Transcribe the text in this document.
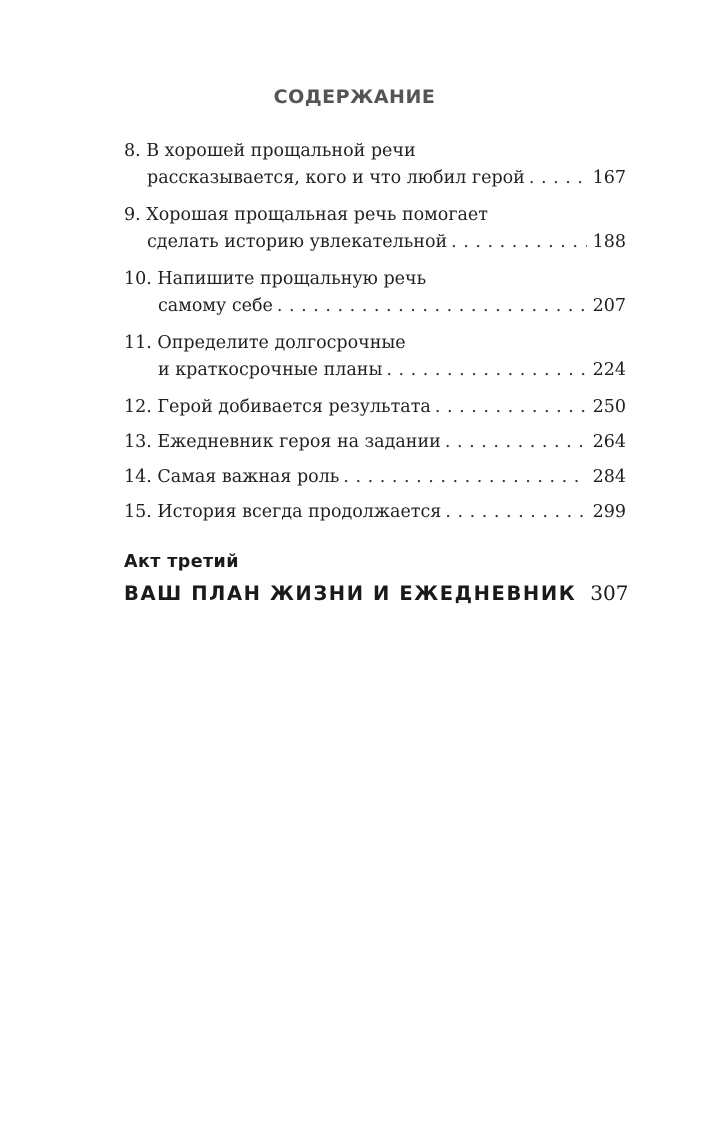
СОДЕРЖАНИЕ
8. В хорошей прощальной речи
рассказывается, кого и что любил герой . . .	167
9. Хорошая прощальная речь помогает
сделать историю увлекательной . . .	188
10. Напишите прощальную речь
самому себе . . .	207
11. Определите долгосрочные
и краткосрочные планы . . .	224
12. Герой добивается результата . . .	250
13. Ежедневник героя на задании . . .	264
14. Самая важная роль . . .	284
15. История всегда продолжается . . .	299
Акт третий
ВАШ ПЛАН ЖИЗНИ И ЕЖЕДНЕВНИК 307
